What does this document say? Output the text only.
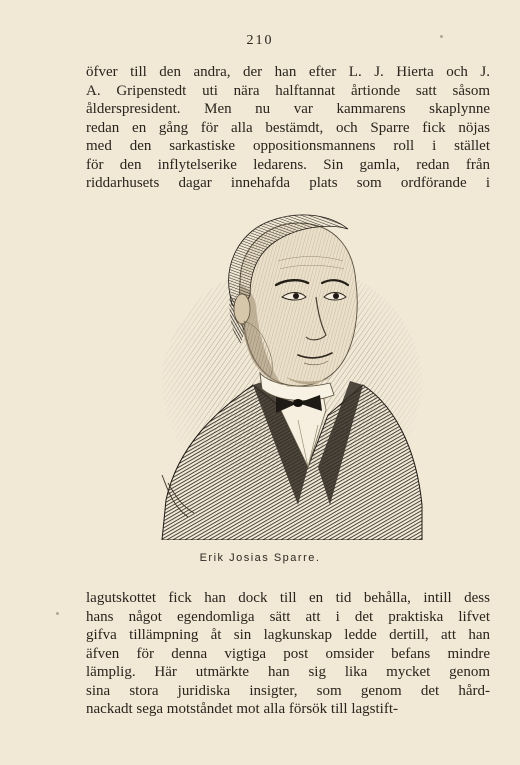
210
öfver till den andra, der han efter L. J. Hierta och J.
A. Gripenstedt uti nära halftannat årtionde satt såsom
ålderspresident. Men nu var kammarens skaplynne
redan en gång för alla bestämdt, och Sparre fick nöjas
med den sarkastiske oppositionsmannens roll i stället
för den inflytelserike ledarens. Sin gamla, redan från
riddarhusets dagar innehafda plats som ordförande i
Erik Josias Sparre.
lagutskottet fick han dock till en tid behålla, intill dess
hans något egendomliga sätt att i det praktiska lifvet
gifva tillämpning åt sin lagkunskap ledde dertill, att han
äfven för denna vigtiga post omsider befans mindre
lämplig. Här utmärkte han sig lika mycket genom
sina stora juridiska insigter, som genom det hård-
nackadt sega motståndet mot alla försök till lagstift-
